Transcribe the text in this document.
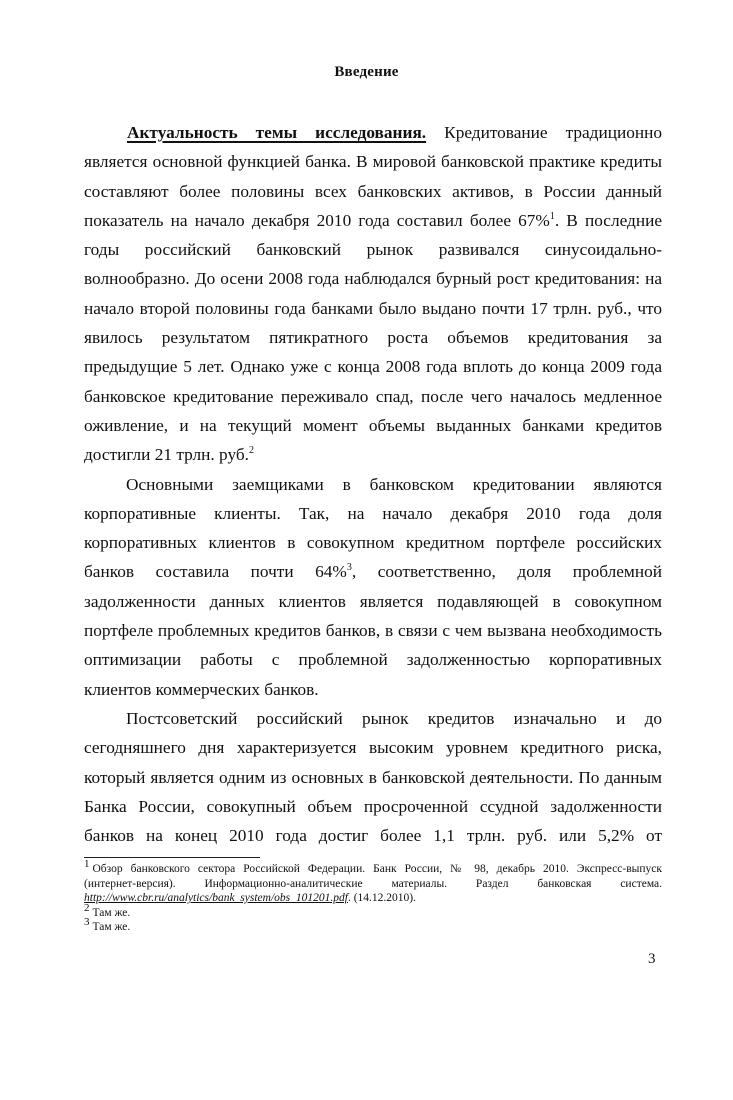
Введение
Актуальность темы исследования. Кредитование традиционно
является основной функцией банка. В мировой банковской практике кредиты
составляют более половины всех банковских активов, в России данный
показатель на начало декабря 2010 года составил более 67%$^1$. В последние
годы российский банковский рынок развивался синусоидально-
волнообразно. До осени 2008 года наблюдался бурный рост кредитования: на
начало второй половины года банками было выдано почти 17 трлн. руб., что
явилось результатом пятикратного роста объемов кредитования за
предыдущие 5 лет. Однако уже с конца 2008 года вплоть до конца 2009 года
банковское кредитование переживало спад, после чего началось медленное
оживление, и на текущий момент объемы выданных банками кредитов
достигли 21 трлн. руб.$^2$
Основными заемщиками в банковском кредитовании являются
корпоративные клиенты. Так, на начало декабря 2010 года доля
корпоративных клиентов в совокупном кредитном портфеле российских
банков составила почти 64%$^3$, соответственно, доля проблемной
задолженности данных клиентов является подавляющей в совокупном
портфеле проблемных кредитов банков, в связи с чем вызвана необходимость
оптимизации работы с проблемной задолженностью корпоративных
клиентов коммерческих банков.
Постсоветский российский рынок кредитов изначально и до
сегодняшнего дня характеризуется высоким уровнем кредитного риска,
который является одним из основных в банковской деятельности. По данным
Банка России, совокупный объем просроченной ссудной задолженности
банков на конец 2010 года достиг более 1,1 трлн. руб. или 5,2% от
1 Обзор банковского сектора Российской Федерации. Банк России, № 98, декабрь 2010. Экспресс-выпуск
(интернет-версия). Информационно-аналитические материалы. Раздел банковская система.
http://www.cbr.ru/analytics/bank_system/obs_101201.pdf. (14.12.2010).
2 Там же.
3 Там же.
3
